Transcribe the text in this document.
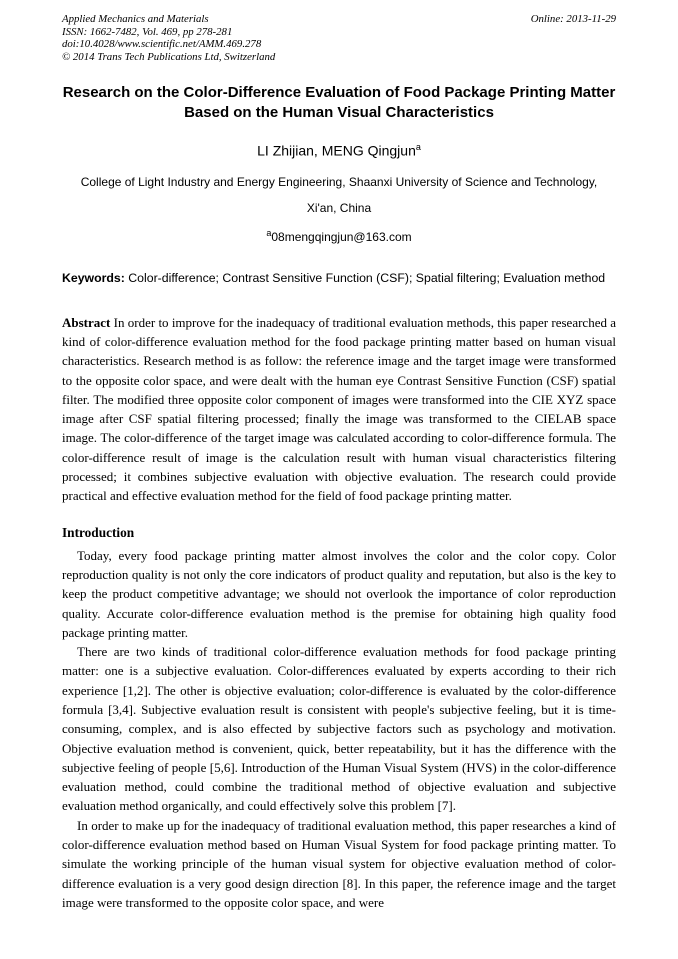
Applied Mechanics and Materials
ISSN: 1662-7482, Vol. 469, pp 278-281
doi:10.4028/www.scientific.net/AMM.469.278
© 2014 Trans Tech Publications Ltd, Switzerland
Online: 2013-11-29
Research on the Color-Difference Evaluation of Food Package Printing Matter Based on the Human Visual Characteristics
LI Zhijian, MENG Qingjun$^a$
College of Light Industry and Energy Engineering, Shaanxi University of Science and Technology,
Xi'an, China
$^a$08mengqingjun@163.com

Keywords: Color-difference; Contrast Sensitive Function (CSF); Spatial filtering; Evaluation method

Abstract In order to improve for the inadequacy of traditional evaluation methods, this paper researched a kind of color-difference evaluation method for the food package printing matter based on human visual characteristics. Research method is as follow: the reference image and the target image were transformed to the opposite color space, and were dealt with the human eye Contrast Sensitive Function (CSF) spatial filter. The modified three opposite color component of images were transformed into the CIE XYZ space image after CSF spatial filtering processed; finally the image was transformed to the CIELAB space image. The color-difference of the target image was calculated according to color-difference formula. The color-difference result of image is the calculation result with human visual characteristics filtering processed; it combines subjective evaluation with objective evaluation. The research could provide practical and effective evaluation method for the field of food package printing matter.

Introduction

Today, every food package printing matter almost involves the color and the color copy. Color reproduction quality is not only the core indicators of product quality and reputation, but also is the key to keep the product competitive advantage; we should not overlook the importance of color reproduction quality. Accurate color-difference evaluation method is the premise for obtaining high quality food package printing matter.

There are two kinds of traditional color-difference evaluation methods for food package printing matter: one is a subjective evaluation. Color-differences evaluated by experts according to their rich experience [1,2]. The other is objective evaluation; color-difference is evaluated by the color-difference formula [3,4]. Subjective evaluation result is consistent with people's subjective feeling, but it is time-consuming, complex, and is also effected by subjective factors such as psychology and motivation. Objective evaluation method is convenient, quick, better repeatability, but it has the difference with the subjective feeling of people [5,6]. Introduction of the Human Visual System (HVS) in the color-difference evaluation method, could combine the traditional method of objective evaluation and subjective evaluation method organically, and could effectively solve this problem [7].

In order to make up for the inadequacy of traditional evaluation method, this paper researches a kind of color-difference evaluation method based on Human Visual System for food package printing matter. To simulate the working principle of the human visual system for objective evaluation method of color-difference evaluation is a very good design direction [8]. In this paper, the reference image and the target image were transformed to the opposite color space, and were
